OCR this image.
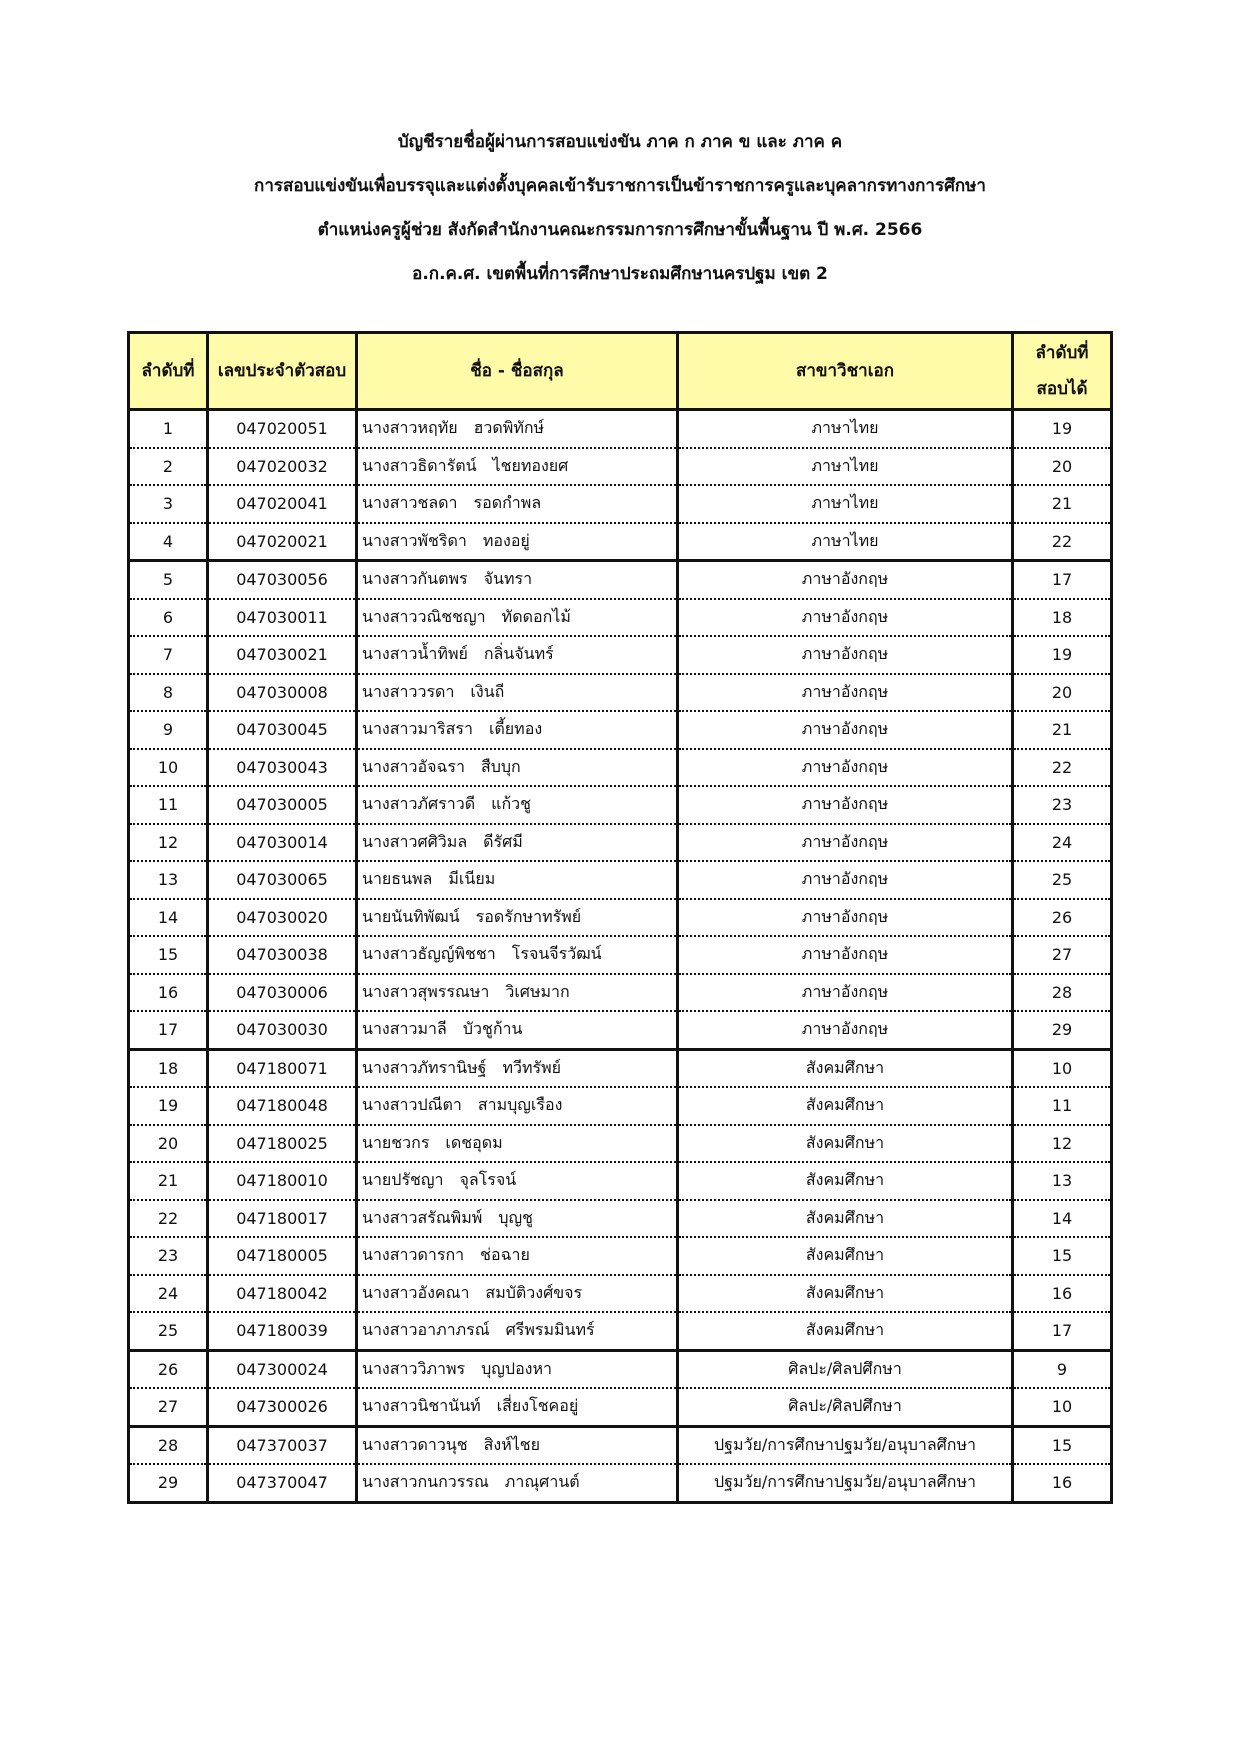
บัญชีรายชื่อผู้ผ่านการสอบแข่งขัน ภาค ก ภาค ข และ ภาค ค
การสอบแข่งขันเพื่อบรรจุและแต่งตั้งบุคคลเข้ารับราชการเป็นข้าราชการครูและบุคลากรทางการศึกษา
ตำแหน่งครูผู้ช่วย สังกัดสำนักงานคณะกรรมการการศึกษาขั้นพื้นฐาน ปี พ.ศ. 2566
อ.ก.ค.ศ. เขตพื้นที่การศึกษาประถมศึกษานครปฐม เขต 2
ลำดับที่	เลขประจำตัวสอบ	ชื่อ - ชื่อสกุล	สาขาวิชาเอก	ลำดับที่
สอบได้

1	047020051	นางสาวหฤทัย ฮวดพิทักษ์	ภาษาไทย	19
2	047020032	นางสาวธิดารัตน์ ไชยทองยศ	ภาษาไทย	20
3	047020041	นางสาวชลดา รอดกำพล	ภาษาไทย	21
4	047020021	นางสาวพัชริดา ทองอยู่	ภาษาไทย	22
5	047030056	นางสาวกันตพร จันทรา	ภาษาอังกฤษ	17
6	047030011	นางสาววณิชชญา ทัดดอกไม้	ภาษาอังกฤษ	18
7	047030021	นางสาวน้ำทิพย์ กลิ่นจันทร์	ภาษาอังกฤษ	19
8	047030008	นางสาววรดา เงินถี	ภาษาอังกฤษ	20
9	047030045	นางสาวมาริสรา เตี้ยทอง	ภาษาอังกฤษ	21
10	047030043	นางสาวอัจฉรา สืบบุก	ภาษาอังกฤษ	22
11	047030005	นางสาวภัศราวดี แก้วชู	ภาษาอังกฤษ	23
12	047030014	นางสาวศศิวิมล ดีรัศมี	ภาษาอังกฤษ	24
13	047030065	นายธนพล มีเนียม	ภาษาอังกฤษ	25
14	047030020	นายนันทิพัฒน์ รอดรักษาทรัพย์	ภาษาอังกฤษ	26
15	047030038	นางสาวธัญญ์พิชชา โรจนจีรวัฒน์	ภาษาอังกฤษ	27
16	047030006	นางสาวสุพรรณษา วิเศษมาก	ภาษาอังกฤษ	28
17	047030030	นางสาวมาลี บัวชูก้าน	ภาษาอังกฤษ	29
18	047180071	นางสาวภัทรานิษฐ์ ทวีทรัพย์	สังคมศึกษา	10
19	047180048	นางสาวปณีตา สามบุญเรือง	สังคมศึกษา	11
20	047180025	นายชวกร เดชอุดม	สังคมศึกษา	12
21	047180010	นายปรัชญา จุลโรจน์	สังคมศึกษา	13
22	047180017	นางสาวสรัณพิมพ์ บุญชู	สังคมศึกษา	14
23	047180005	นางสาวดารกา ช่อฉาย	สังคมศึกษา	15
24	047180042	นางสาวอังคณา สมบัติวงศ์ขจร	สังคมศึกษา	16
25	047180039	นางสาวอาภาภรณ์ ศรีพรมมินทร์	สังคมศึกษา	17
26	047300024	นางสาววิภาพร บุญปองหา	ศิลปะ/ศิลปศึกษา	9
27	047300026	นางสาวนิชานันท์ เสี่ยงโชคอยู่	ศิลปะ/ศิลปศึกษา	10
28	047370037	นางสาวดาวนุช สิงห์ไชย	ปฐมวัย/การศึกษาปฐมวัย/อนุบาลศึกษา	15
29	047370047	นางสาวกนกวรรณ ภาณุศานต์	ปฐมวัย/การศึกษาปฐมวัย/อนุบาลศึกษา	16
